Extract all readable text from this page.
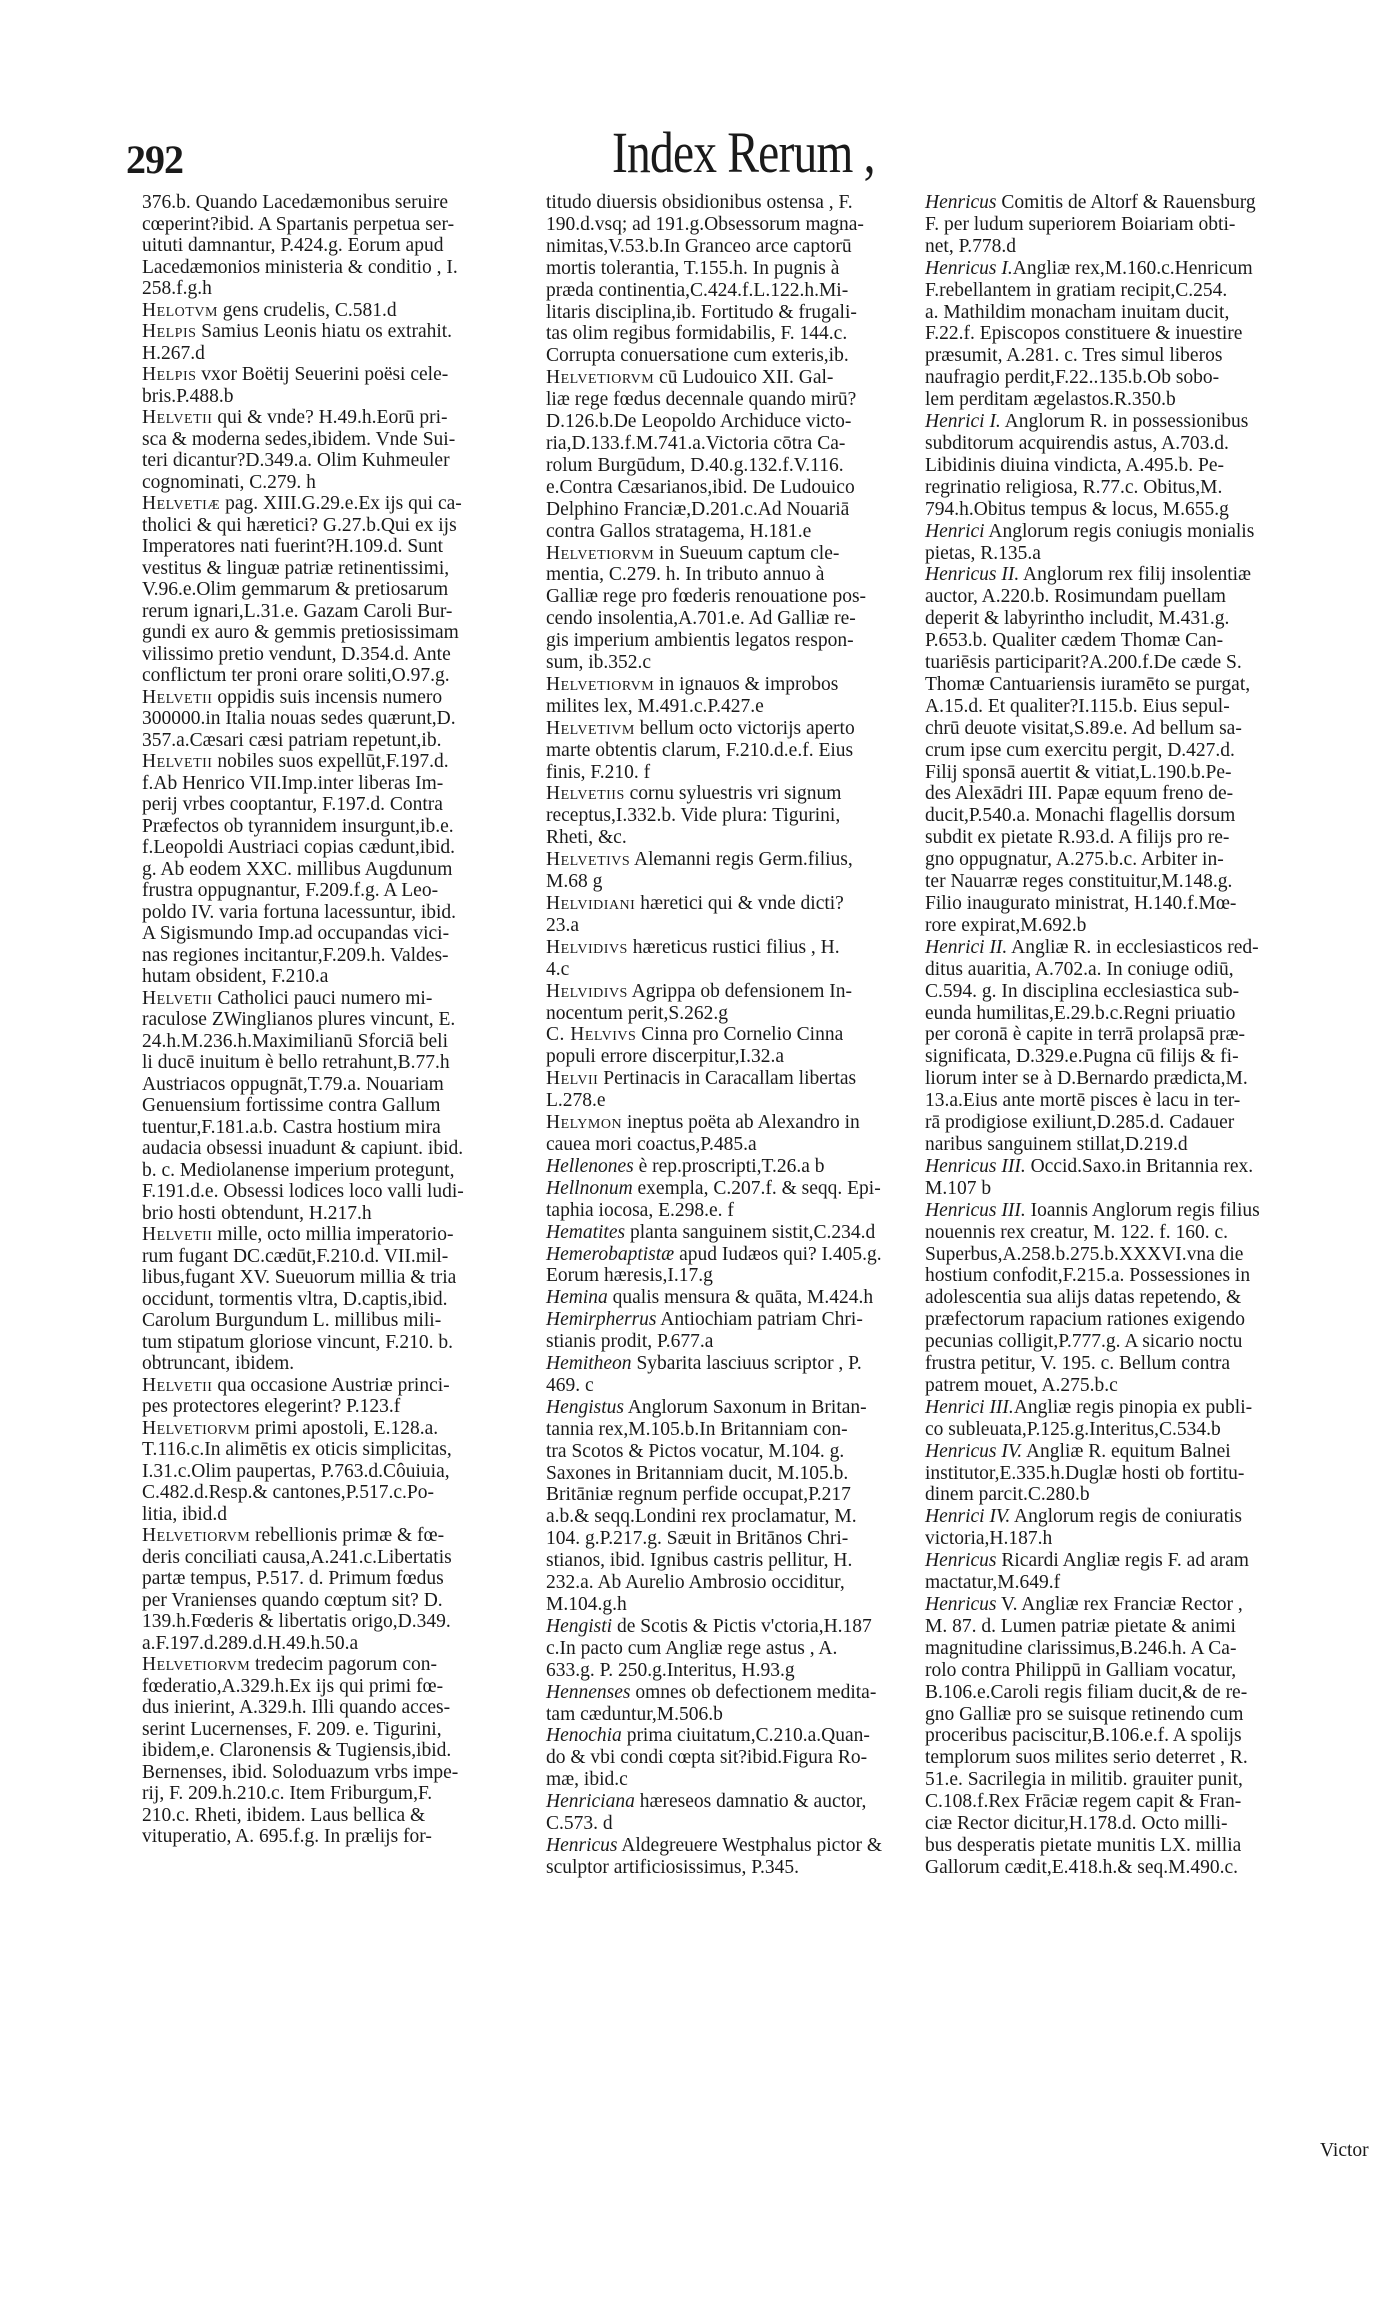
292	Index Rerum ,
376.b. Quando Lacedæmonibus seruire
cœperint?ibid. A Spartanis perpetua ser-
uituti damnantur, P.424.g. Eorum apud
Lacedæmonios ministeria & conditio , I.
258.f.g.h
Helotvm gens crudelis, C.581.d
Helpis Samius Leonis hiatu os extrahit.
H.267.d
Helpis vxor Boëtij Seuerini poësi cele-
bris.P.488.b
Helvetii qui & vnde? H.49.h.Eorū pri-
sca & moderna sedes,ibidem. Vnde Sui-
teri dicantur?D.349.a. Olim Kuhmeuler
cognominati, C.279. h
Helvetiæ pag. XIII.G.29.e.Ex ijs qui ca-
tholici & qui hæretici? G.27.b.Qui ex ijs
Imperatores nati fuerint?H.109.d. Sunt
vestitus & linguæ patriæ retinentissimi,
V.96.e.Olim gemmarum & pretiosarum
rerum ignari,L.31.e. Gazam Caroli Bur-
gundi ex auro & gemmis pretiosissimam
vilissimo pretio vendunt, D.354.d. Ante
conflictum ter proni orare soliti,O.97.g.
Helvetii oppidis suis incensis numero
300000.in Italia nouas sedes quærunt,D.
357.a.Cæsari cæsi patriam repetunt,ib.
Helvetii nobiles suos expellūt,F.197.d.
f.Ab Henrico VII.Imp.inter liberas Im-
perij vrbes cooptantur, F.197.d. Contra
Præfectos ob tyrannidem insurgunt,ib.e.
f.Leopoldi Austriaci copias cædunt,ibid.
g. Ab eodem XXC. millibus Augdunum
frustra oppugnantur, F.209.f.g. A Leo-
poldo IV. varia fortuna lacessuntur, ibid.
A Sigismundo Imp.ad occupandas vici-
nas regiones incitantur,F.209.h. Valdes-
hutam obsident, F.210.a
Helvetii Catholici pauci numero mi-
raculose ZWinglianos plures vincunt, E.
24.h.M.236.h.Maximilianū Sforciā beli
li ducē inuitum è bello retrahunt,B.77.h
Austriacos oppugnāt,T.79.a. Nouariam
Genuensium fortissime contra Gallum
tuentur,F.181.a.b. Castra hostium mira
audacia obsessi inuadunt & capiunt. ibid.
b. c. Mediolanense imperium protegunt,
F.191.d.e. Obsessi lodices loco valli ludi-
brio hosti obtendunt, H.217.h
Helvetii mille, octo millia imperatorio-
rum fugant DC.cædūt,F.210.d. VII.mil-
libus,fugant XV. Sueuorum millia & tria
occidunt, tormentis vltra, D.captis,ibid.
Carolum Burgundum L. millibus mili-
tum stipatum gloriose vincunt, F.210. b.
obtruncant, ibidem.
Helvetii qua occasione Austriæ princi-
pes protectores elegerint? P.123.f
Helvetiorvm primi apostoli, E.128.a.
T.116.c.In alimētis ex oticis simplicitas,
I.31.c.Olim paupertas, P.763.d.Côuiuia,
C.482.d.Resp.& cantones,P.517.c.Po-
litia, ibid.d
Helvetiorvm rebellionis primæ & fœ-
deris conciliati causa,A.241.c.Libertatis
partæ tempus, P.517. d. Primum fœdus
per Vranienses quando cœptum sit? D.
139.h.Fœderis & libertatis origo,D.349.
a.F.197.d.289.d.H.49.h.50.a
Helvetiorvm tredecim pagorum con-
fœderatio,A.329.h.Ex ijs qui primi fœ-
dus inierint, A.329.h. Illi quando acces-
serint Lucernenses, F. 209. e. Tigurini,
ibidem,e. Claronensis & Tugiensis,ibid.
Bernenses, ibid. Soloduazum vrbs impe-
rij, F. 209.h.210.c. Item Friburgum,F.
210.c. Rheti, ibidem. Laus bellica &
vituperatio, A. 695.f.g. In prælijs for-
titudo diuersis obsidionibus ostensa , F.
190.d.vsq; ad 191.g.Obsessorum magna-
nimitas,V.53.b.In Granceo arce captorū
mortis tolerantia, T.155.h. In pugnis à
præda continentia,C.424.f.L.122.h.Mi-
litaris disciplina,ib. Fortitudo & frugali-
tas olim regibus formidabilis, F. 144.c.
Corrupta conuersatione cum exteris,ib.
Helvetiorvm cū Ludouico XII. Gal-
liæ rege fœdus decennale quando mirū?
D.126.b.De Leopoldo Archiduce victo-
ria,D.133.f.M.741.a.Victoria cōtra Ca-
rolum Burgūdum, D.40.g.132.f.V.116.
e.Contra Cæsarianos,ibid. De Ludouico
Delphino Franciæ,D.201.c.Ad Nouariā
contra Gallos stratagema, H.181.e
Helvetiorvm in Sueuum captum cle-
mentia, C.279. h. In tributo annuo à
Galliæ rege pro fœderis renouatione pos-
cendo insolentia,A.701.e. Ad Galliæ re-
gis imperium ambientis legatos respon-
sum, ib.352.c
Helvetiorvm in ignauos & improbos
milites lex, M.491.c.P.427.e
Helvetivm bellum octo victorijs aperto
marte obtentis clarum, F.210.d.e.f. Eius
finis, F.210. f
Helvetiis cornu syluestris vri signum
receptus,I.332.b. Vide plura: Tigurini,
Rheti, &c.
Helvetivs Alemanni regis Germ.filius,
M.68 g
Helvidiani hæretici qui & vnde dicti?
23.a
Helvidivs hæreticus rustici filius , H.
4.c
Helvidivs Agrippa ob defensionem In-
nocentum perit,S.262.g
C. Helvivs Cinna pro Cornelio Cinna
populi errore discerpitur,I.32.a
Helvii Pertinacis in Caracallam libertas
L.278.e
Helymon ineptus poëta ab Alexandro in
cauea mori coactus,P.485.a
Hellenones è rep.proscripti,T.26.a b
Hellnonum exempla, C.207.f. & seqq. Epi-
taphia iocosa, E.298.e. f
Hematites planta sanguinem sistit,C.234.d
Hemerobaptistæ apud Iudæos qui? I.405.g.
Eorum hæresis,I.17.g
Hemina qualis mensura & quāta, M.424.h
Hemirpherrus Antiochiam patriam Chri-
stianis prodit, P.677.a
Hemitheon Sybarita lasciuus scriptor , P.
469. c
Hengistus Anglorum Saxonum in Britan-
tannia rex,M.105.b.In Britanniam con-
tra Scotos & Pictos vocatur, M.104. g.
Saxones in Britanniam ducit, M.105.b.
Britāniæ regnum perfide occupat,P.217
a.b.& seqq.Londini rex proclamatur, M.
104. g.P.217.g. Sæuit in Britānos Chri-
stianos, ibid. Ignibus castris pellitur, H.
232.a. Ab Aurelio Ambrosio occiditur,
M.104.g.h
Hengisti de Scotis & Pictis v'ctoria,H.187
c.In pacto cum Angliæ rege astus , A.
633.g. P. 250.g.Interitus, H.93.g
Hennenses omnes ob defectionem medita-
tam cæduntur,M.506.b
Henochia prima ciuitatum,C.210.a.Quan-
do & vbi condi cœpta sit?ibid.Figura Ro-
mæ, ibid.c
Henriciana hæreseos damnatio & auctor,
C.573. d
Henricus Aldegreuere Westphalus pictor &
sculptor artificiosissimus, P.345.
Henricus Comitis de Altorf & Rauensburg
F. per ludum superiorem Boiariam obti-
net, P.778.d
Henricus I.Angliæ rex,M.160.c.Henricum
F.rebellantem in gratiam recipit,C.254.
a. Mathildim monacham inuitam ducit,
F.22.f. Episcopos constituere & inuestire
præsumit, A.281. c. Tres simul liberos
naufragio perdit,F.22..135.b.Ob sobo-
lem perditam ægelastos.R.350.b
Henrici I. Anglorum R. in possessionibus
subditorum acquirendis astus, A.703.d.
Libidinis diuina vindicta, A.495.b. Pe-
regrinatio religiosa, R.77.c. Obitus,M.
794.h.Obitus tempus & locus, M.655.g
Henrici Anglorum regis coniugis monialis
pietas, R.135.a
Henricus II. Anglorum rex filij insolentiæ
auctor, A.220.b. Rosimundam puellam
deperit & labyrintho includit, M.431.g.
P.653.b. Qualiter cædem Thomæ Can-
tuariēsis participarit?A.200.f.De cæde S.
Thomæ Cantuariensis iuramēto se purgat,
A.15.d. Et qualiter?I.115.b. Eius sepul-
chrū deuote visitat,S.89.e. Ad bellum sa-
crum ipse cum exercitu pergit, D.427.d.
Filij sponsā auertit & vitiat,L.190.b.Pe-
des Alexādri III. Papæ equum freno de-
ducit,P.540.a. Monachi flagellis dorsum
subdit ex pietate R.93.d. A filijs pro re-
gno oppugnatur, A.275.b.c. Arbiter in-
ter Nauarræ reges constituitur,M.148.g.
Filio inaugurato ministrat, H.140.f.Mœ-
rore expirat,M.692.b
Henrici II. Angliæ R. in ecclesiasticos red-
ditus auaritia, A.702.a. In coniuge odiū,
C.594. g. In disciplina ecclesiastica sub-
eunda humilitas,E.29.b.c.Regni priuatio
per coronā è capite in terrā prolapsā præ-
significata, D.329.e.Pugna cū filijs & fi-
liorum inter se à D.Bernardo prædicta,M.
13.a.Eius ante mortē pisces è lacu in ter-
rā prodigiose exiliunt,D.285.d. Cadauer
naribus sanguinem stillat,D.219.d
Henricus III. Occid.Saxo.in Britannia rex.
M.107 b
Henricus III. Ioannis Anglorum regis filius
nouennis rex creatur, M. 122. f. 160. c.
Superbus,A.258.b.275.b.XXXVI.vna die
hostium confodit,F.215.a. Possessiones in
adolescentia sua alijs datas repetendo, &
præfectorum rapacium rationes exigendo
pecunias colligit,P.777.g. A sicario noctu
frustra petitur, V. 195. c. Bellum contra
patrem mouet, A.275.b.c
Henrici III.Angliæ regis pinopia ex publi-
co subleuata,P.125.g.Interitus,C.534.b
Henricus IV. Angliæ R. equitum Balnei
institutor,E.335.h.Duglæ hosti ob fortitu-
dinem parcit.C.280.b
Henrici IV. Anglorum regis de coniuratis
victoria,H.187.h
Henricus Ricardi Angliæ regis F. ad aram
mactatur,M.649.f
Henricus V. Angliæ rex Franciæ Rector ,
M. 87. d. Lumen patriæ pietate & animi
magnitudine clarissimus,B.246.h. A Ca-
rolo contra Philippū in Galliam vocatur,
B.106.e.Caroli regis filiam ducit,& de re-
gno Galliæ pro se suisque retinendo cum
proceribus paciscitur,B.106.e.f. A spolijs
templorum suos milites serio deterret , R.
51.e. Sacrilegia in militib. grauiter punit,
C.108.f.Rex Frāciæ regem capit & Fran-
ciæ Rector dicitur,H.178.d. Octo milli-
bus desperatis pietate munitis LX. millia
Gallorum cædit,E.418.h.& seq.M.490.c.
Victor
